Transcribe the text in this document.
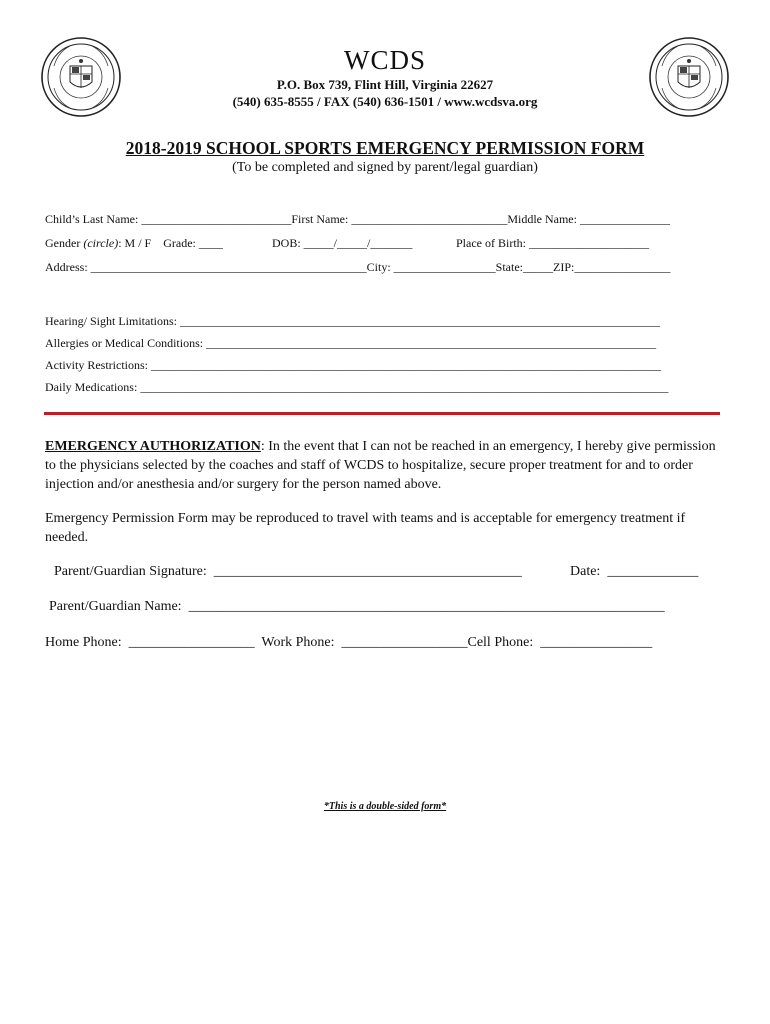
WCDS
P.O. Box 739, Flint Hill, Virginia 22627
(540) 635-8555 / FAX (540) 636-1501 / www.wcdsva.org
2018-2019 SCHOOL SPORTS EMERGENCY PERMISSION FORM
(To be completed and signed by parent/legal guardian)
Child’s Last Name: _________________________First Name: __________________________Middle Name: _______________
Gender (circle): M / F    Grade: ____	DOB: _____/_____/_______	Place of Birth: ____________________
Address: ______________________________________________City: _________________State:_____ZIP:________________
Hearing/ Sight Limitations: ________________________________________________________________________________
Allergies or Medical Conditions: ___________________________________________________________________________
Activity Restrictions: _____________________________________________________________________________________
Daily Medications: ________________________________________________________________________________________
EMERGENCY AUTHORIZATION: In the event that I can not be reached in an emergency, I hereby give permission to the physicians selected by the coaches and staff of WCDS to hospitalize, secure proper treatment for and to order injection and/or anesthesia and/or surgery for the person named above.
Emergency Permission Form may be reproduced to travel with teams and is acceptable for emergency treatment if needed.
Parent/Guardian Signature:  ____________________________________________	Date:  _____________
Parent/Guardian Name:  ____________________________________________________________________
Home Phone:  __________________  Work Phone:  __________________Cell Phone:  ________________
*This is a double-sided form*
